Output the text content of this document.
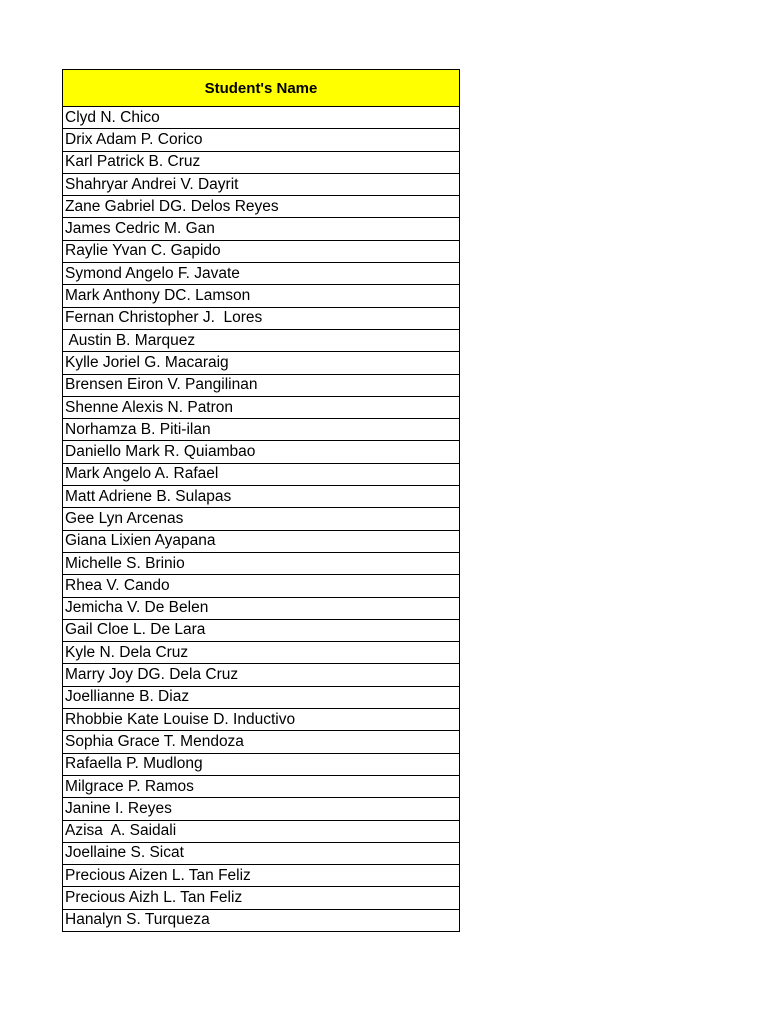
Student's Name
Clyd N. Chico
Drix Adam P. Corico
Karl Patrick B. Cruz
Shahryar Andrei V. Dayrit
Zane Gabriel DG. Delos Reyes
James Cedric M. Gan
Raylie Yvan C. Gapido
Symond Angelo F. Javate
Mark Anthony DC. Lamson
Fernan Christopher J.  Lores
Austin B. Marquez
Kylle Joriel G. Macaraig
Brensen Eiron V. Pangilinan
Shenne Alexis N. Patron
Norhamza B. Piti-ilan
Daniello Mark R. Quiambao
Mark Angelo A. Rafael
Matt Adriene B. Sulapas
Gee Lyn Arcenas
Giana Lixien Ayapana
Michelle S. Brinio
Rhea V. Cando
Jemicha V. De Belen
Gail Cloe L. De Lara
Kyle N. Dela Cruz
Marry Joy DG. Dela Cruz
Joellianne B. Diaz
Rhobbie Kate Louise D. Inductivo
Sophia Grace T. Mendoza
Rafaella P. Mudlong
Milgrace P. Ramos
Janine I. Reyes
Azisa  A. Saidali
Joellaine S. Sicat
Precious Aizen L. Tan Feliz
Precious Aizh L. Tan Feliz
Hanalyn S. Turqueza
